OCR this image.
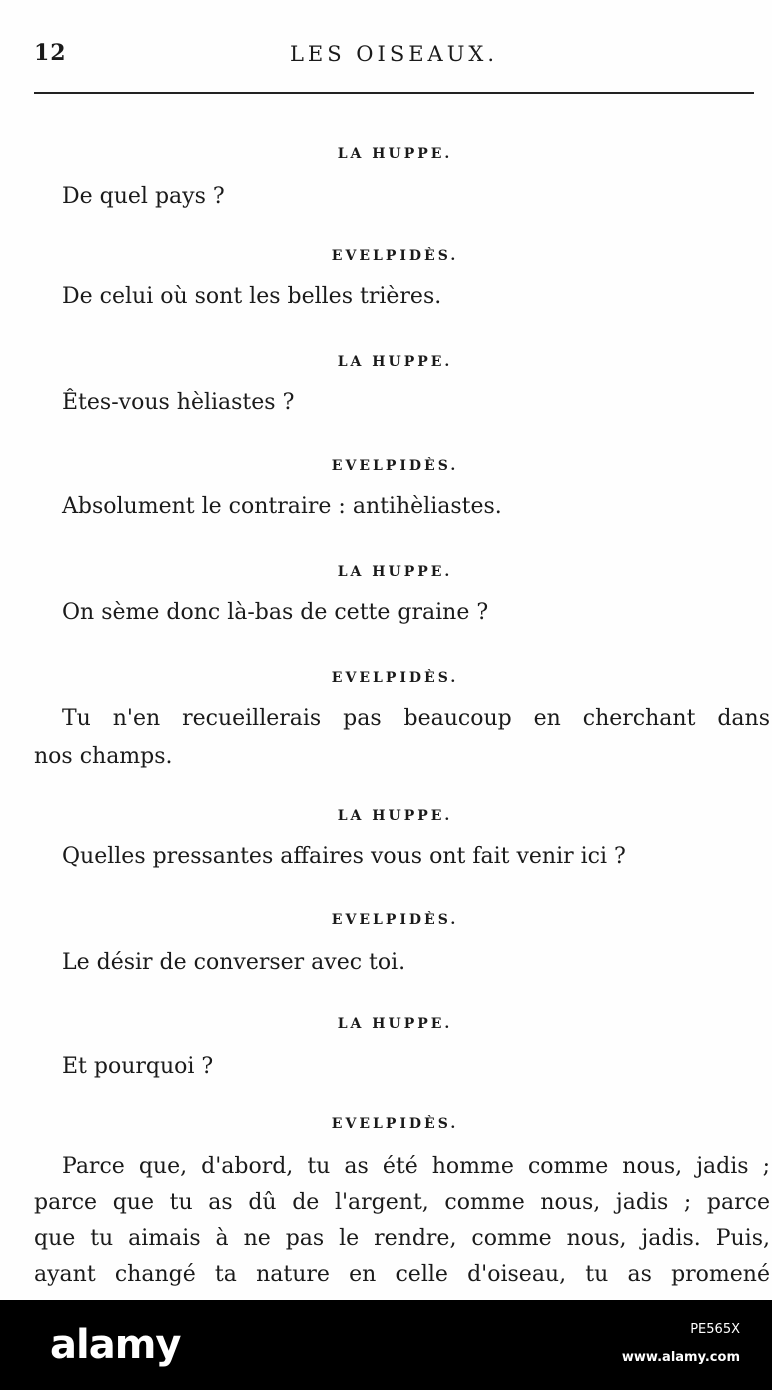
12	LES OISEAUX.
LA HUPPE.
De quel pays ?
EVELPIDÈS.
De celui où sont les belles trières.
LA HUPPE.
Êtes-vous hèliastes ?
EVELPIDÈS.
Absolument le contraire : antihèliastes.
LA HUPPE.
On sème donc là-bas de cette graine ?
EVELPIDÈS.
Tu n'en recueillerais pas beaucoup en cherchant dans
nos champs.
LA HUPPE.
Quelles pressantes affaires vous ont fait venir ici ?
EVELPIDÈS.
Le désir de converser avec toi.
LA HUPPE.
Et pourquoi ?
EVELPIDÈS.
Parce que, d'abord, tu as été homme comme nous, jadis ;
parce que tu as dû de l'argent, comme nous, jadis ; parce
que tu aimais à ne pas le rendre, comme nous, jadis. Puis,
ayant changé ta nature en celle d'oiseau, tu as promené
alamy	PE565X
www.alamy.com
